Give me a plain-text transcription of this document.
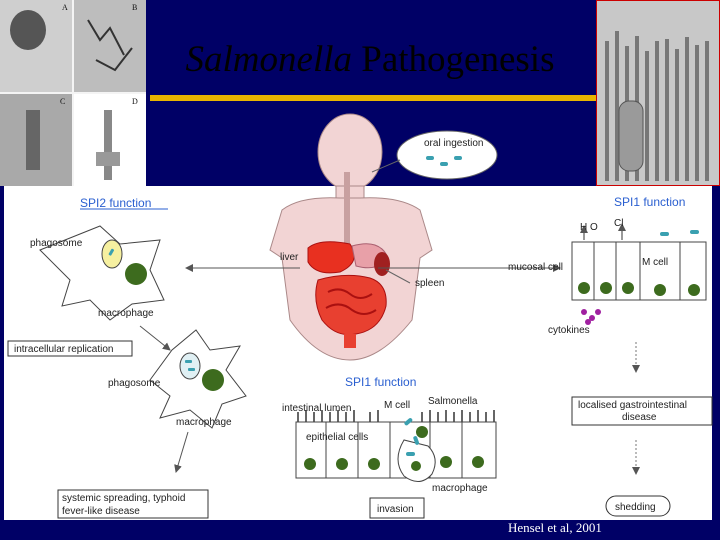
Salmonella Pathogenesis
A	B
C	D
oral ingestion
liver
spleen
SPI2 function	SPI1 function
SPI1 function
phagosome
macrophage
phagosome
macrophage
intracellular replication
systemic spreading, typhoid
fever-like disease
H O Cl
mucosal cell	M cell
cytokines
localised gastrointestinal
disease
shedding
intestinal lumen	M cell Salmonella
epithelial cells
macrophage
invasion
Hensel et al, 2001
